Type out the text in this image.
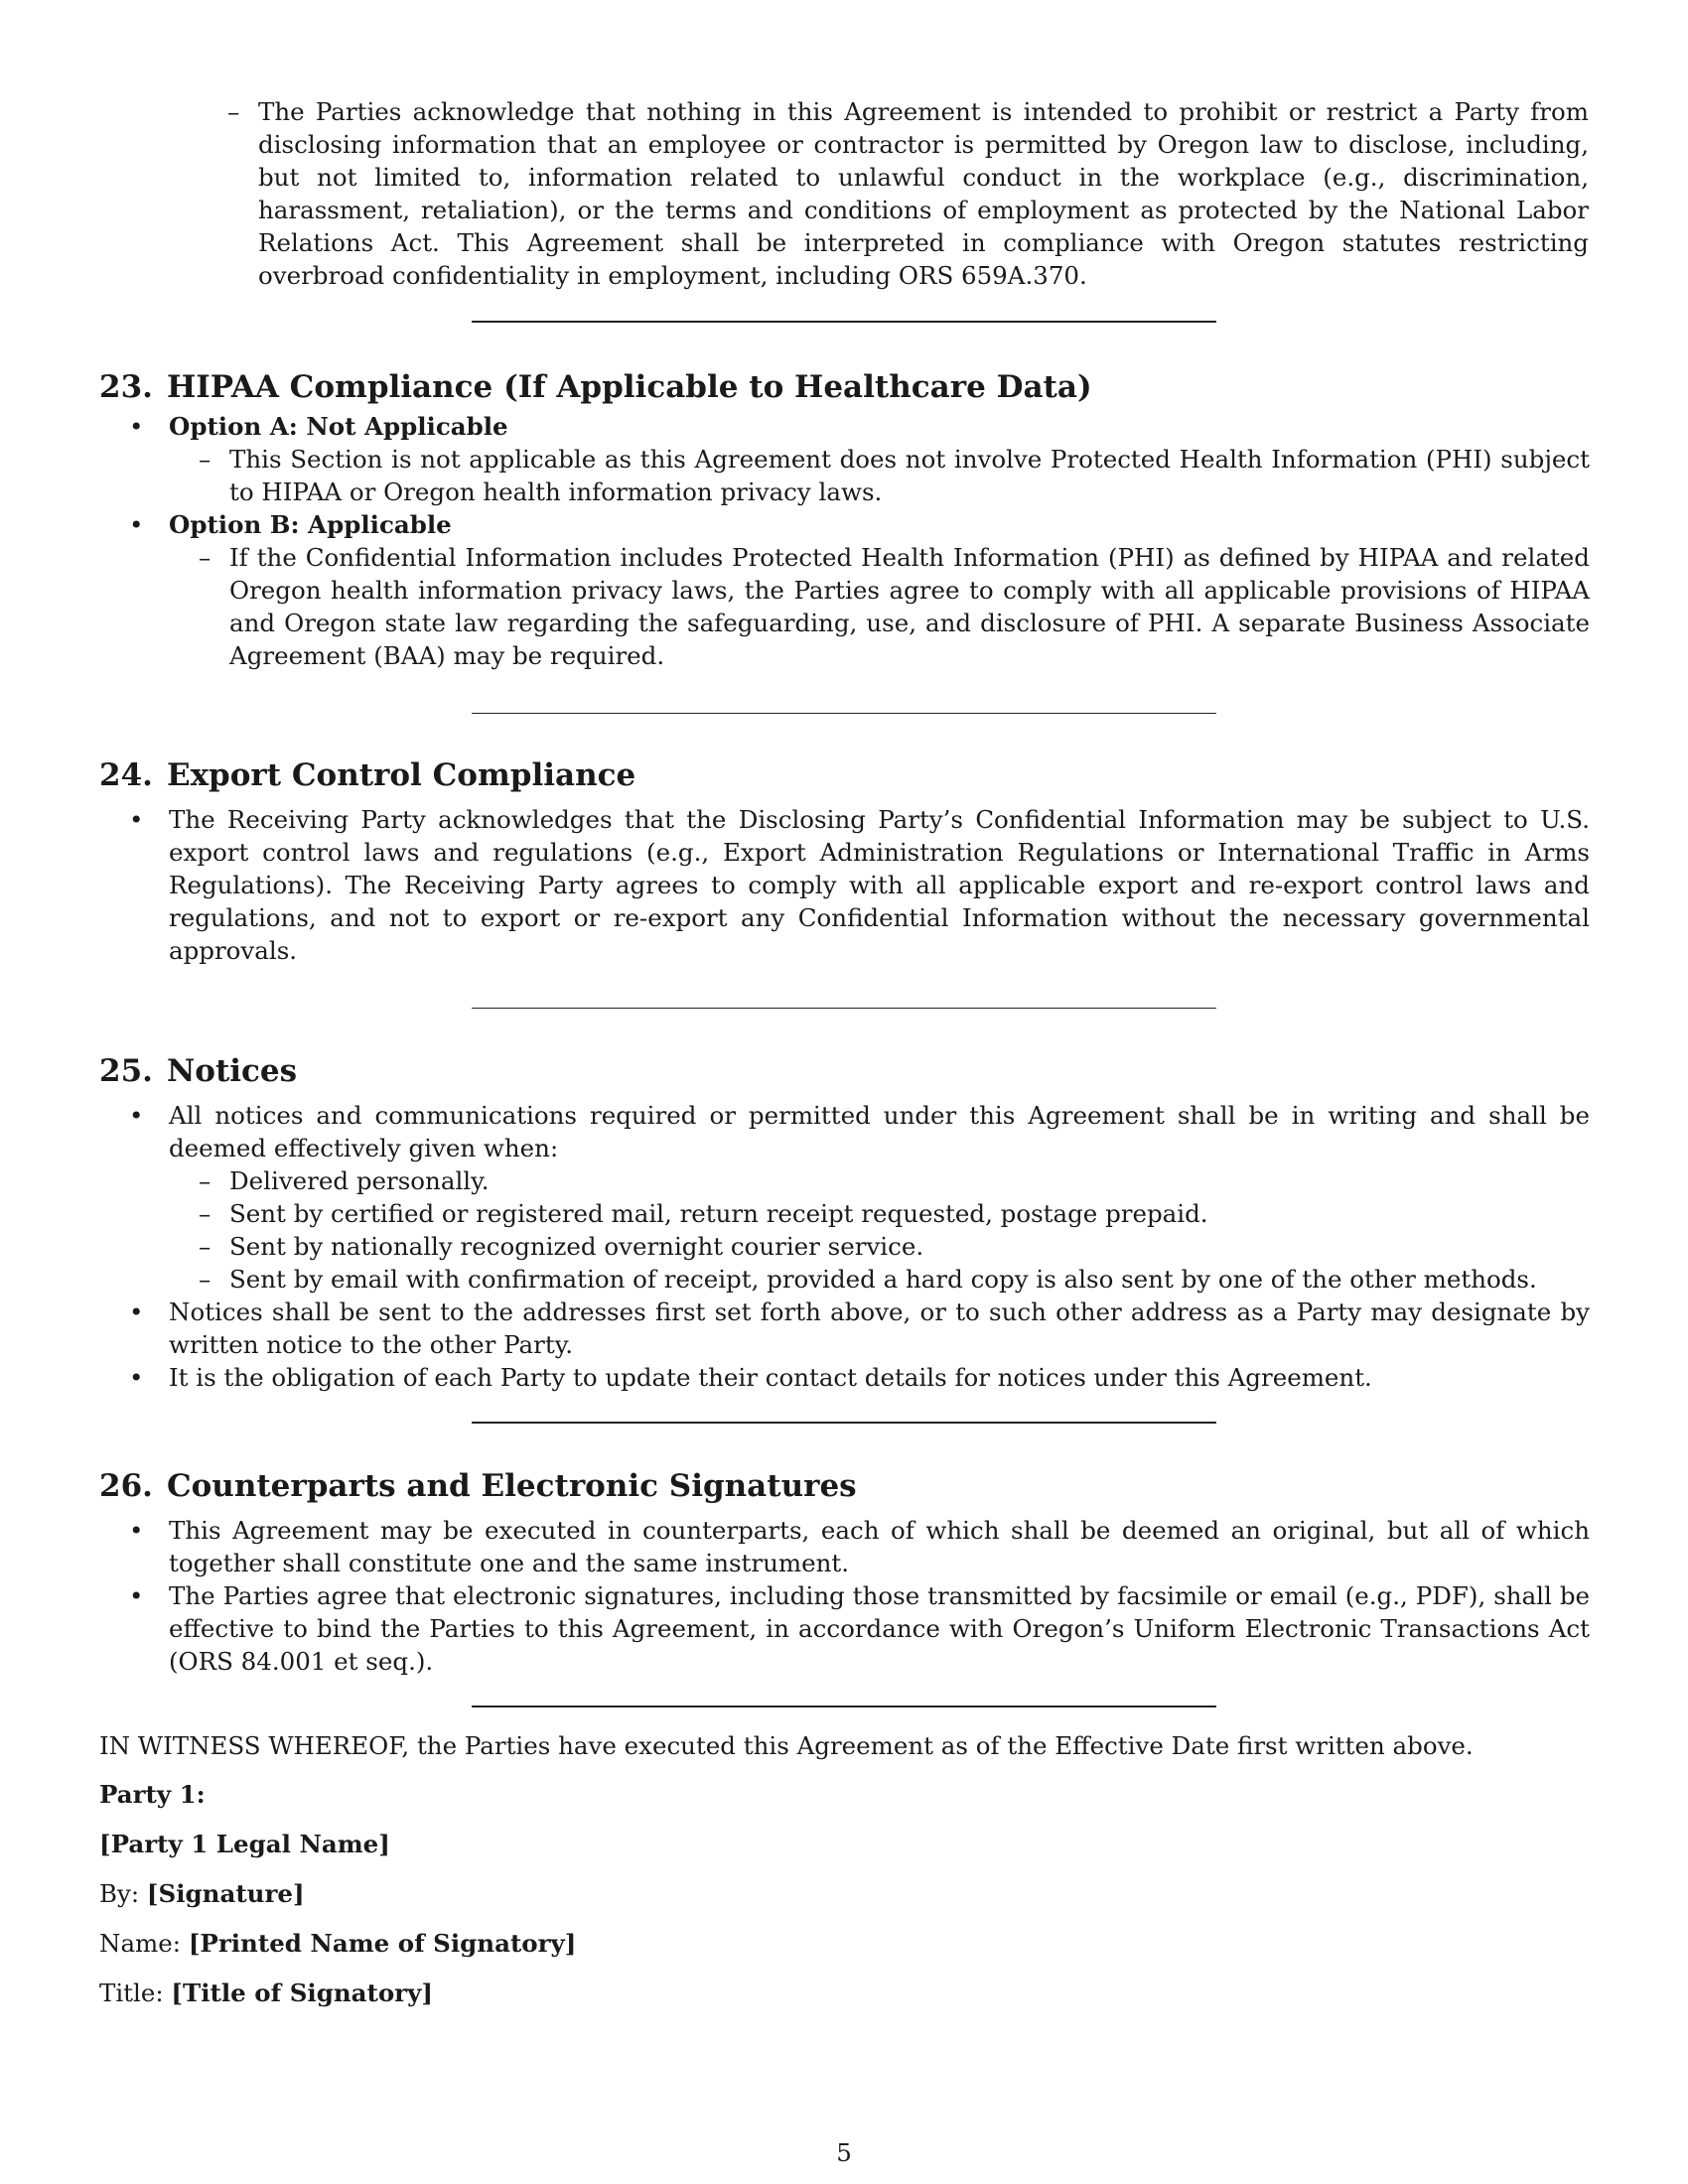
– The Parties acknowledge that nothing in this Agreement is intended to prohibit or restrict a Party from disclosing information that an employee or contractor is permitted by Oregon law to disclose, including, but not limited to, information related to unlawful conduct in the workplace (e.g., discrimination, harassment, retaliation), or the terms and conditions of employment as protected by the National Labor Relations Act. This Agreement shall be interpreted in compliance with Oregon statutes restricting overbroad confidentiality in employment, including ORS 659A.370.

23. HIPAA Compliance (If Applicable to Healthcare Data)
• Option A: Not Applicable
– This Section is not applicable as this Agreement does not involve Protected Health Information (PHI) subject to HIPAA or Oregon health information privacy laws.
• Option B: Applicable
– If the Confidential Information includes Protected Health Information (PHI) as defined by HIPAA and related Oregon health information privacy laws, the Parties agree to comply with all applicable provisions of HIPAA and Oregon state law regarding the safeguarding, use, and disclosure of PHI. A separate Business Associate Agreement (BAA) may be required.
24. Export Control Compliance
• The Receiving Party acknowledges that the Disclosing Party’s Confidential Information may be subject to U.S. export control laws and regulations (e.g., Export Administration Regulations or International Traffic in Arms Regulations). The Receiving Party agrees to comply with all applicable export and re-export control laws and regulations, and not to export or re-export any Confidential Information without the necessary governmental approvals.
25. Notices
• All notices and communications required or permitted under this Agreement shall be in writing and shall be deemed effectively given when:
– Delivered personally.
– Sent by certified or registered mail, return receipt requested, postage prepaid.
– Sent by nationally recognized overnight courier service.
– Sent by email with confirmation of receipt, provided a hard copy is also sent by one of the other methods.
• Notices shall be sent to the addresses first set forth above, or to such other address as a Party may designate by written notice to the other Party.
• It is the obligation of each Party to update their contact details for notices under this Agreement.
26. Counterparts and Electronic Signatures
• This Agreement may be executed in counterparts, each of which shall be deemed an original, but all of which together shall constitute one and the same instrument.
• The Parties agree that electronic signatures, including those transmitted by facsimile or email (e.g., PDF), shall be effective to bind the Parties to this Agreement, in accordance with Oregon’s Uniform Electronic Transactions Act (ORS 84.001 et seq.).

IN WITNESS WHEREOF, the Parties have executed this Agreement as of the Effective Date first written above.

Party 1:

[Party 1 Legal Name]

By: [Signature]

Name: [Printed Name of Signatory]

Title: [Title of Signatory]

5
